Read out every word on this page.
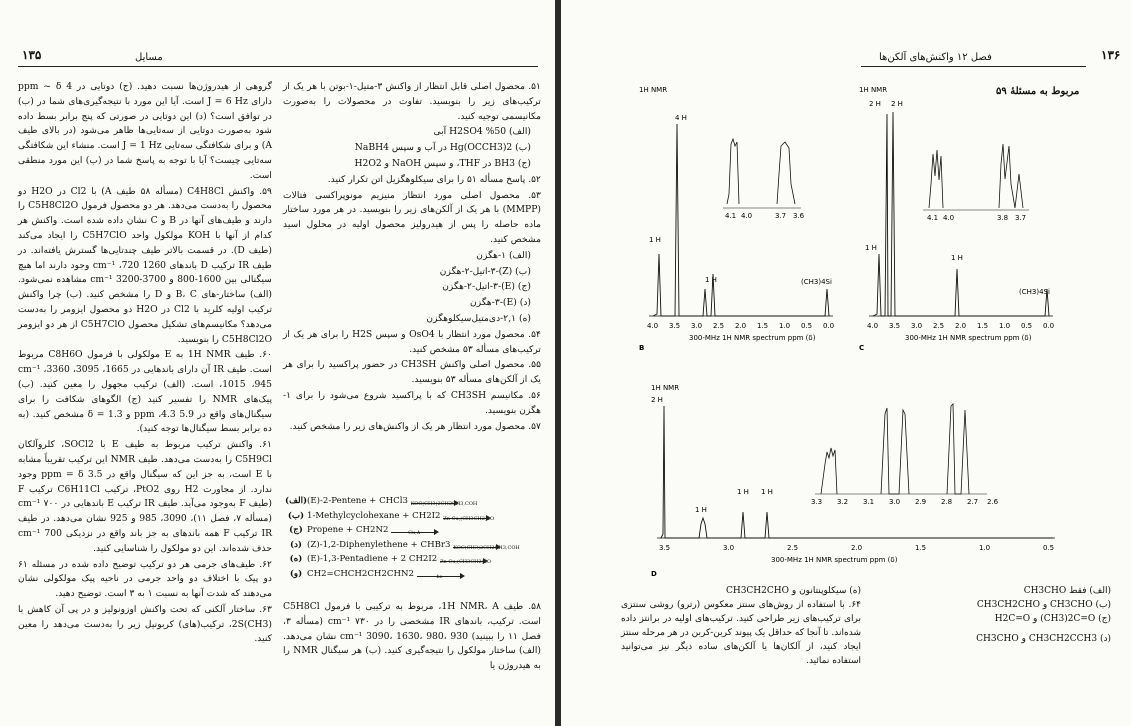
۱۳۵	مسایل

۵۱. محصول اصلی قابل انتظار از واکنش ۳-متیل-۱-بوتن با هر یک از ترکیب‌های زیر را بنویسید. تفاوت در محصولات را به‌صورت مکانیسمی توجیه کنید.

(الف) H2SO4 %50 آبی

(ب) Hg(OCCH3)2 در آب و سپس NaBH4

(ج) BH3 در THF، و سپس NaOH و H2O2

۵۲. پاسخ مسأله ۵۱ را برای سیکلوهگزیل اتن تکرار کنید.

۵۳. محصول اصلی مورد انتظار منیزیم مونوپراکسی فتالات (MMPP) با هر یک از آلکن‌های زیر را بنویسید. در هر مورد ساختار ماده حاصله را پس از هیدرولیز محصول اولیه در محلول اسید مشخص کنید.

(الف) ۱-هگزن

(ب) (Z)-۳-اتیل-۲-هگزن

(ج) (E)-۳-اتیل-۲-هگزن

(د) (E)-۳-هگزن

(ه) ۲,۱-دی‌متیل‌سیکلوهگزن

۵۴. محصول مورد انتظار با OsO4 و سپس H2S را برای هر یک از ترکیب‌های مسأله ۵۳ مشخص کنید.

۵۵. محصول اصلی واکنش CH3SH در حضور پراکسید را برای هر یک از آلکن‌های مسأله ۵۳ بنویسید.

۵۶. مکانیسم CH3SH که با پراکسید شروع می‌شود را برای ۱-هگزن بنویسید.

۵۷. محصول مورد انتظار هر یک از واکنش‌های زیر را مشخص کنید.

(الف)(E)-2-Pentene + CHCl3 KOC(CH3)2CH2CH3,COH
(ب) 1-Methylcyclohexane + CH2I2 Zn-Cu,(CH3CH2)2O
(ج) Propene + CH2N2	Cu,Δ
(د) (Z)-1,2-Diphenylethene + CHBr3 KOC(CH3)2CH2CH3,COH
(ه) (E)-1,3-Pentadiene + 2 CH2I2 Zn-Cu,(CH3CH2)2O
(و) CH2=CHCH2CH2CHN2	hν
۵۸. طیف 1H NMR، A، مربوط به ترکیبی با فرمول C5H8Cl است. ترکیب، باندهای IR مشخصی را در cm⁻¹ ۷۳۰ (مسأله ۳، فصل ۱۱ را ببینید) 930 ،980 ،1630 ،3090 cm⁻¹ نشان می‌دهد. (الف) ساختار مولکول را نتیجه‌گیری کنید. (ب) هر سیگنال NMR را به هیدروژن یا

گروهی از هیدروژن‌ها نسبت دهید. (ج) دوتایی در 4 ppm ~ δ دارای J = 6 Hz است. آیا این مورد با نتیجه‌گیری‌های شما در (ب) در توافق است؟ (د) این دوتایی در صورتی که پنج برابر بسط داده شود به‌صورت دوتایی از سه‌تایی‌ها ظاهر می‌شود (در بالای طیف A) و برای شکافتگی سه‌تایی J = 1 Hz است. منشاء این شکافتگی سه‌تایی چیست؟ آیا با توجه به پاسخ شما در (ب) این مورد منطقی است.

۵۹. واکنش C4H8Cl (مسأله ۵۸ طیف A) با Cl2 در H2O دو محصول را به‌دست می‌دهد. هر دو محصول فرمول C5H8Cl2O را دارند و طیف‌های آنها در B و C نشان داده شده است. واکنش هر کدام از آنها با KOH مولکول واحد C5H7ClO را ایجاد می‌کند (طیف D). در قسمت بالاتر طیف چندتایی‌ها گسترش یافته‌اند. در طیف IR ترکیب D باندهای 1260 cm⁻¹ ،720 وجود دارند اما هیچ سیگنالی بین 1600-800 و 3700-3200 cm⁻¹ مشاهده نمی‌شود. (الف) ساختار-های B، C و D را مشخص کنید. (ب) چرا واکنش ترکیب اولیه کلرید با Cl2 در H2O دو محصول ایزومر را به‌دست می‌دهد؟ مکانیسم‌های تشکیل محصول C5H7ClO از هر دو ایزومر C5H8Cl2O را بنویسید.

۶۰. طیف 1H NMR به E مولکولی با فرمول C8H6O مربوط است. طیف IR آن دارای باندهایی در cm⁻¹ ،3360 ،3095 ،1665 ،1015 ،945 است. (الف) ترکیب مجهول را معین کنید. (ب) پیک‌های NMR را تفسیر کنید (ج) الگوهای شکافت را برای سیگنال‌های واقع در 5.9 ppm ،4.3 و 1.3 = δ مشخص کنید. (به ده برابر بسط سیگنال‌ها توجه کنید).

۶۱. واکنش ترکیب مربوط به طیف E با SOCl2، کلروآلکان C5H9Cl را به‌دست می‌دهد. طیف NMR این ترکیب تقریباً مشابه با E است، به جز این که سیگنال واقع در 3.5 ppm = δ وجود ندارد. از مجاورت H2 روی PtO2، ترکیب C6H11Cl ترکیب F (طیف F به‌وجود می‌آید. طیف IR ترکیب E باندهایی در cm⁻¹ ۷۰۰ (مسأله ۷، فصل ۱۱)، 3090، 985 و 925 نشان می‌دهد. در طیف IR ترکیب F همه باندهای به جز باند واقع در نزدیکی 700 cm⁻¹ حذف شده‌اند. این دو مولکول را شناسایی کنید.

۶۲. طیف‌های جرمی هر دو ترکیب توضیح داده شده در مسئله ۶۱ دو پیک با اختلاف دو واحد جرمی در ناحیه پیک مولکولی نشان می‌دهند که شدت آنها به نسبت ۱ به ۳ است. توضیح دهید.

۶۳. ساختار آلکنی که تحت واکنش اوزونولیز و در پی آن کاهش با (CH3)2S، ترکیب(های) کربونیل زیر را به‌دست می‌دهد را معین کنید.

۱۳۶
فصل ۱۲ واکنش‌های آلکن‌ها
مربوط به مسئلهٔ ۵۹
1H NMR
4 H
1 H
1 H	(CH3)4Si
4.1 4.0	3.7 3.6
4.0 3.5 3.0 2.5 2.0 1.5 1.0 0.5 0.0
300-MHz 1H NMR spectrum ppm (δ)
B
1H NMR
2 H 2 H
1 H
1 H
(CH3)4Si
4.1 4.0	3.8 3.7
4.0 3.5 3.0 2.5 2.0 1.5 1.0 0.5 0.0
300-MHz 1H NMR spectrum ppm (δ)
C
1H NMR
2 H
1 H
1 H 1 H
3.3 3.2 3.1 3.0 2.9 2.8 2.7 2.6
3.5	3.0	2.5	2.0	1.5	1.0	0.5
300-MHz 1H NMR spectrum ppm (δ)
D
(الف) CH3CHO فقط
(ب) CH3CH2CHO و CH3CHO
(ج) H2C=O و (CH3)2C=O
(د) CH3CHO و CH3CH2CCH3
(ه) سیکلوپنتانون و CH3CH2CHO
۶۴. با استفاده از روش‌های سنتز معکوس (رترو) روشی سنتزی برای ترکیب‌های زیر طراحی کنید. ترکیب‌های اولیه در برانتز داده شده‌اند. تا آنجا که حداقل یک پیوند کربن-کربن در هر مرحله سنتز ایجاد کنید، از آلکان‌ها یا آلکن‌های ساده دیگر نیز می‌توانید استفاده نمائید.
